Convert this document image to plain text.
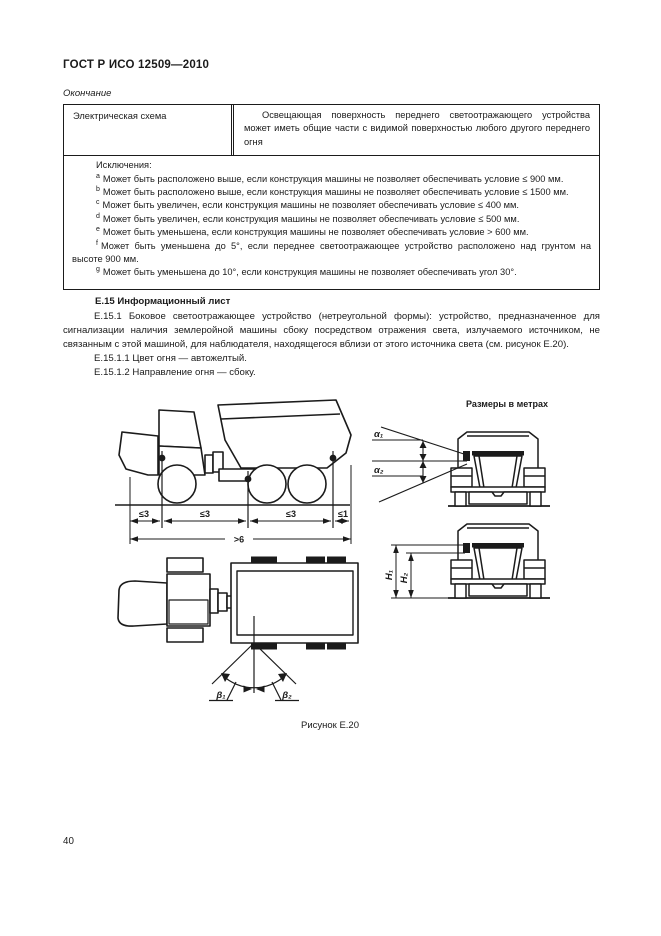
ГОСТ Р ИСО 12509—2010
Окончание
Электрическая схема	Освещающая поверхность переднего светоотражающего устройства может иметь общие части с видимой поверхностью любого другого переднего огня

Исключения:

$^a$ Может быть расположено выше, если конструкция машины не позволяет обеспечивать условие ≤ 900 мм.

$^b$ Может быть расположено выше, если конструкция машины не позволяет обеспечивать условие ≤ 1500 мм.

$^c$ Может быть увеличен, если конструкция машины не позволяет обеспечивать условие ≤ 400 мм.

$^d$ Может быть увеличен, если конструкция машины не позволяет обеспечивать условие ≤ 500 мм.

$^e$ Может быть уменьшена, если конструкция машины не позволяет обеспечивать условие > 600 мм.

$^f$ Может быть уменьшена до 5°, если переднее светоотражающее устройство расположено над грунтом на высоте 900 мм.

$^g$ Может быть уменьшена до 10°, если конструкция машины не позволяет обеспечивать угол 30°.

Е.15 Информационный лист

Е.15.1 Боковое светоотражающее устройство (нетреугольной формы): устройство, предназначенное для сигнализации наличия землеройной машины сбоку посредством отражения света, излучаемого источником, не связанным с этой машиной, для наблюдателя, находящегося вблизи от этого источника света (см. рисунок Е.20).

Е.15.1.1 Цвет огня — автожелтый.
Е.15.1.2 Направление огня — сбоку.
Размеры в метрах
≤3	≤3	≤3	≤1
>6
α₁
α₂
H₁ H₂
β₁	β₂
Рисунок Е.20
40
